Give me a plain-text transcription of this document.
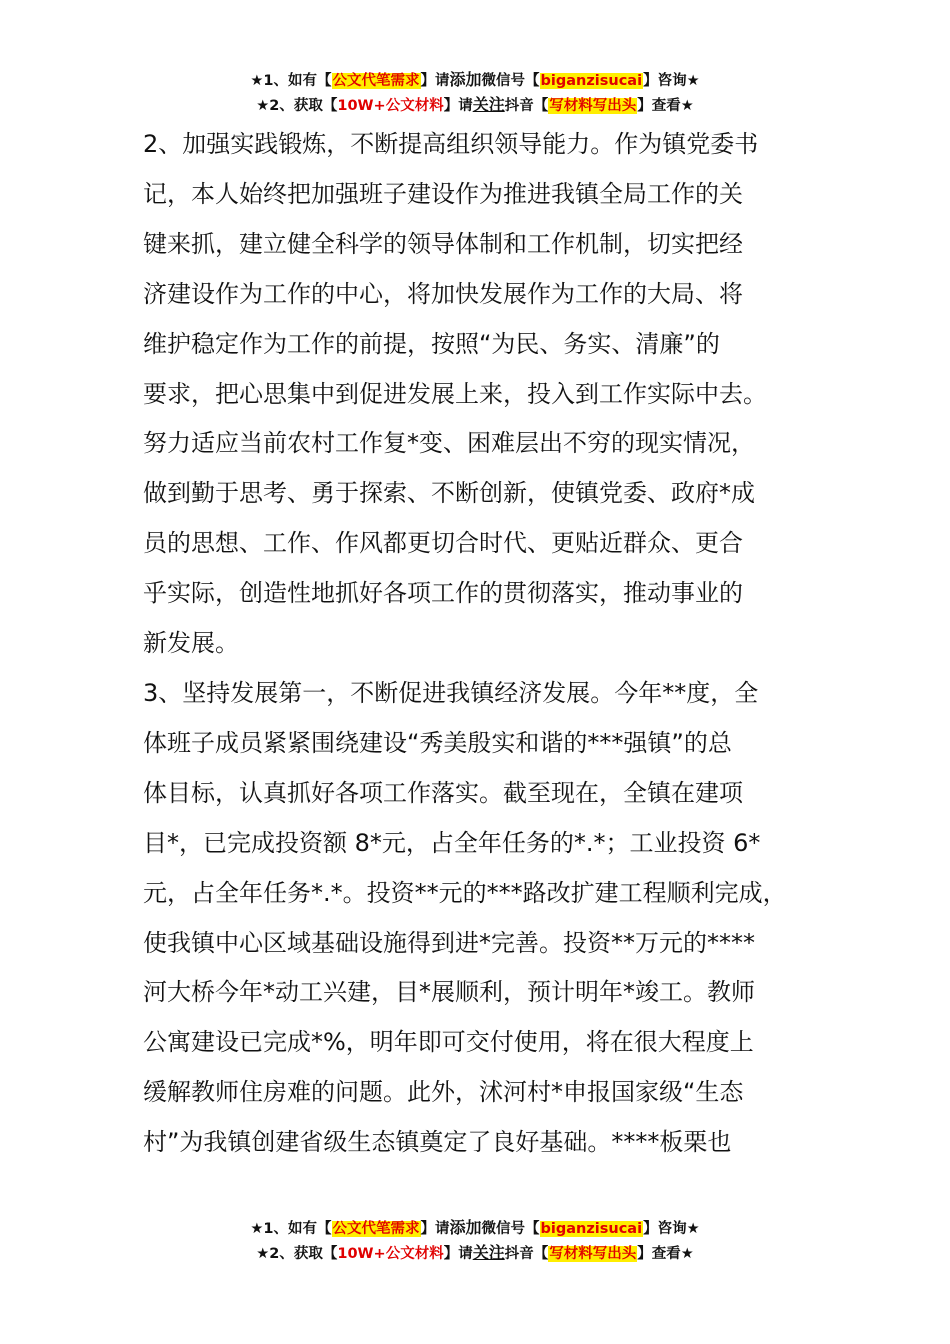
★1、如有【公文代笔需求】请添加微信号【biganzisucai】咨询★
★2、获取【10W+公文材料】请关注抖音【写材料写出头】查看★

2、加强实践锻炼，不断提高组织领导能力。作为镇党委书
记，本人始终把加强班子建设作为推进我镇全局工作的关
键来抓，建立健全科学的领导体制和工作机制，切实把经
济建设作为工作的中心，将加快发展作为工作的大局、将
维护稳定作为工作的前提，按照“为民、务实、清廉”的
要求，把心思集中到促进发展上来，投入到工作实际中去。
努力适应当前农村工作复*变、困难层出不穷的现实情况，
做到勤于思考、勇于探索、不断创新，使镇党委、政府*成
员的思想、工作、作风都更切合时代、更贴近群众、更合
乎实际，创造性地抓好各项工作的贯彻落实，推动事业的
新发展。

3、坚持发展第一，不断促进我镇经济发展。今年**度，全
体班子成员紧紧围绕建设“秀美殷实和谐的***强镇”的总
体目标，认真抓好各项工作落实。截至现在，全镇在建项
目*，已完成投资额 8*元，占全年任务的*.*；工业投资 6*
元，占全年任务*.*。投资**元的***路改扩建工程顺利完成，
使我镇中心区域基础设施得到进*完善。投资**万元的****
河大桥今年*动工兴建，目*展顺利，预计明年*竣工。教师
公寓建设已完成*%，明年即可交付使用，将在很大程度上
缓解教师住房难的问题。此外，沭河村*申报国家级“生态
村”为我镇创建省级生态镇奠定了良好基础。****板栗也

★1、如有【公文代笔需求】请添加微信号【biganzisucai】咨询★
★2、获取【10W+公文材料】请关注抖音【写材料写出头】查看★
